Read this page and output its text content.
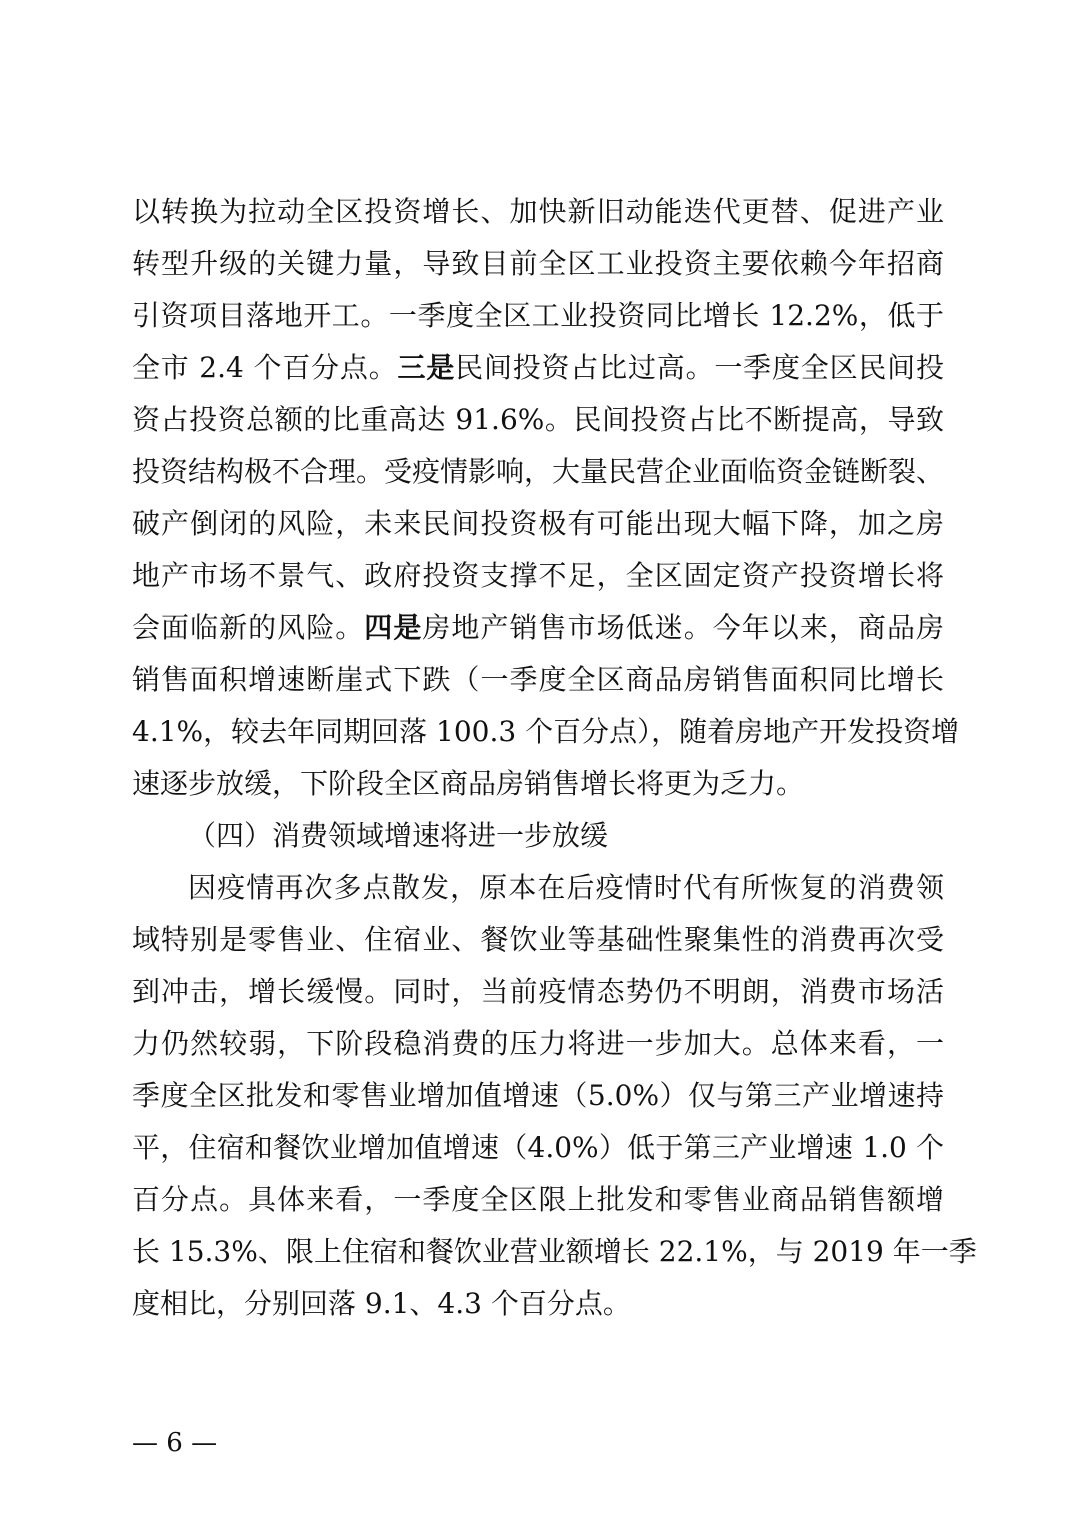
以转换为拉动全区投资增长、加快新旧动能迭代更替、促进产业
转型升级的关键力量，导致目前全区工业投资主要依赖今年招商
引资项目落地开工。一季度全区工业投资同比增长 12.2%，低于
全市 2.4 个百分点。三是民间投资占比过高。一季度全区民间投
资占投资总额的比重高达 91.6%。民间投资占比不断提高，导致
投资结构极不合理。受疫情影响，大量民营企业面临资金链断裂、
破产倒闭的风险，未来民间投资极有可能出现大幅下降，加之房
地产市场不景气、政府投资支撑不足，全区固定资产投资增长将
会面临新的风险。四是房地产销售市场低迷。今年以来，商品房
销售面积增速断崖式下跌（一季度全区商品房销售面积同比增长
4.1%，较去年同期回落 100.3 个百分点），随着房地产开发投资增
速逐步放缓，下阶段全区商品房销售增长将更为乏力。
（四）消费领域增速将进一步放缓
因疫情再次多点散发，原本在后疫情时代有所恢复的消费领
域特别是零售业、住宿业、餐饮业等基础性聚集性的消费再次受
到冲击，增长缓慢。同时，当前疫情态势仍不明朗，消费市场活
力仍然较弱，下阶段稳消费的压力将进一步加大。总体来看，一
季度全区批发和零售业增加值增速（5.0%）仅与第三产业增速持
平，住宿和餐饮业增加值增速（4.0%）低于第三产业增速 1.0 个
百分点。具体来看，一季度全区限上批发和零售业商品销售额增
长 15.3%、限上住宿和餐饮业营业额增长 22.1%，与 2019 年一季
度相比，分别回落 9.1、4.3 个百分点。
— 6 —
